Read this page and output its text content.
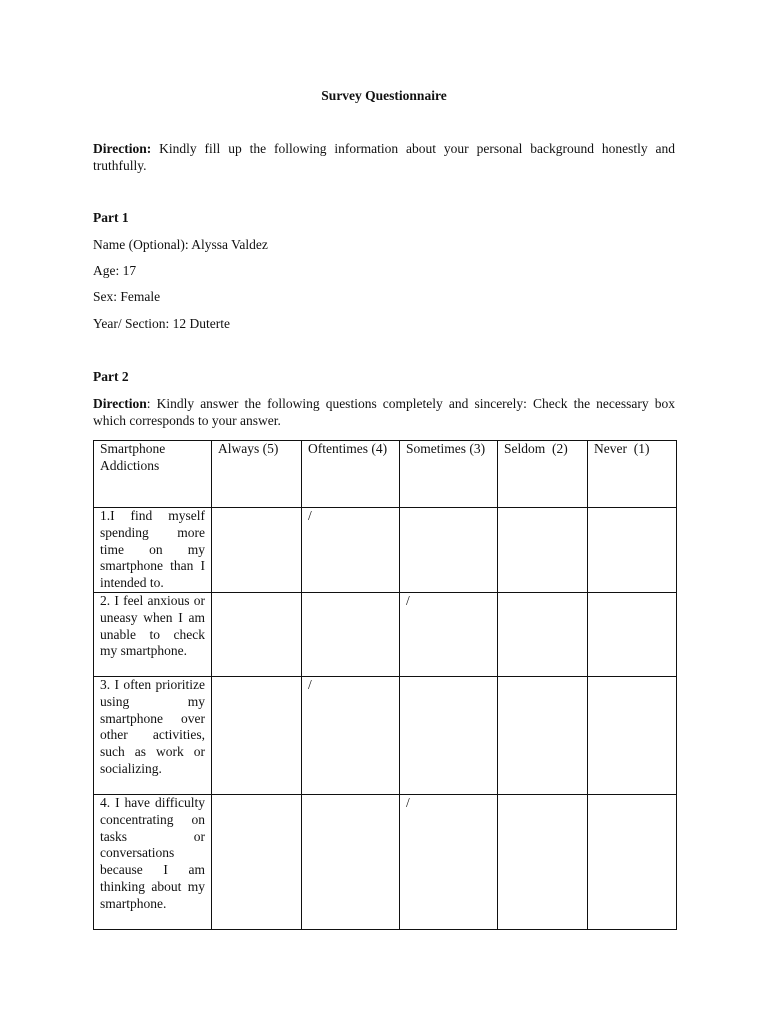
Survey Questionnaire
Direction: Kindly fill up the following information about your personal background honestly and truthfully.
Part 1
Name (Optional): Alyssa Valdez
Age: 17
Sex: Female
Year/ Section: 12 Duterte
Part 2
Direction: Kindly answer the following questions completely and sincerely: Check the necessary box which corresponds to your answer.
Smartphone Addictions	Always (5)	Oftentimes (4)	Sometimes (3)	Seldom  (2)	Never  (1)
1.I find myself spending more time on my smartphone than I intended to.		/			
2. I feel anxious or uneasy when I am unable to check my smartphone.			/		
3. I often prioritize using my smartphone over other activities, such as work or socializing.		/			
4. I have difficulty concentrating on tasks or conversations because I am thinking about my smartphone.			/		
